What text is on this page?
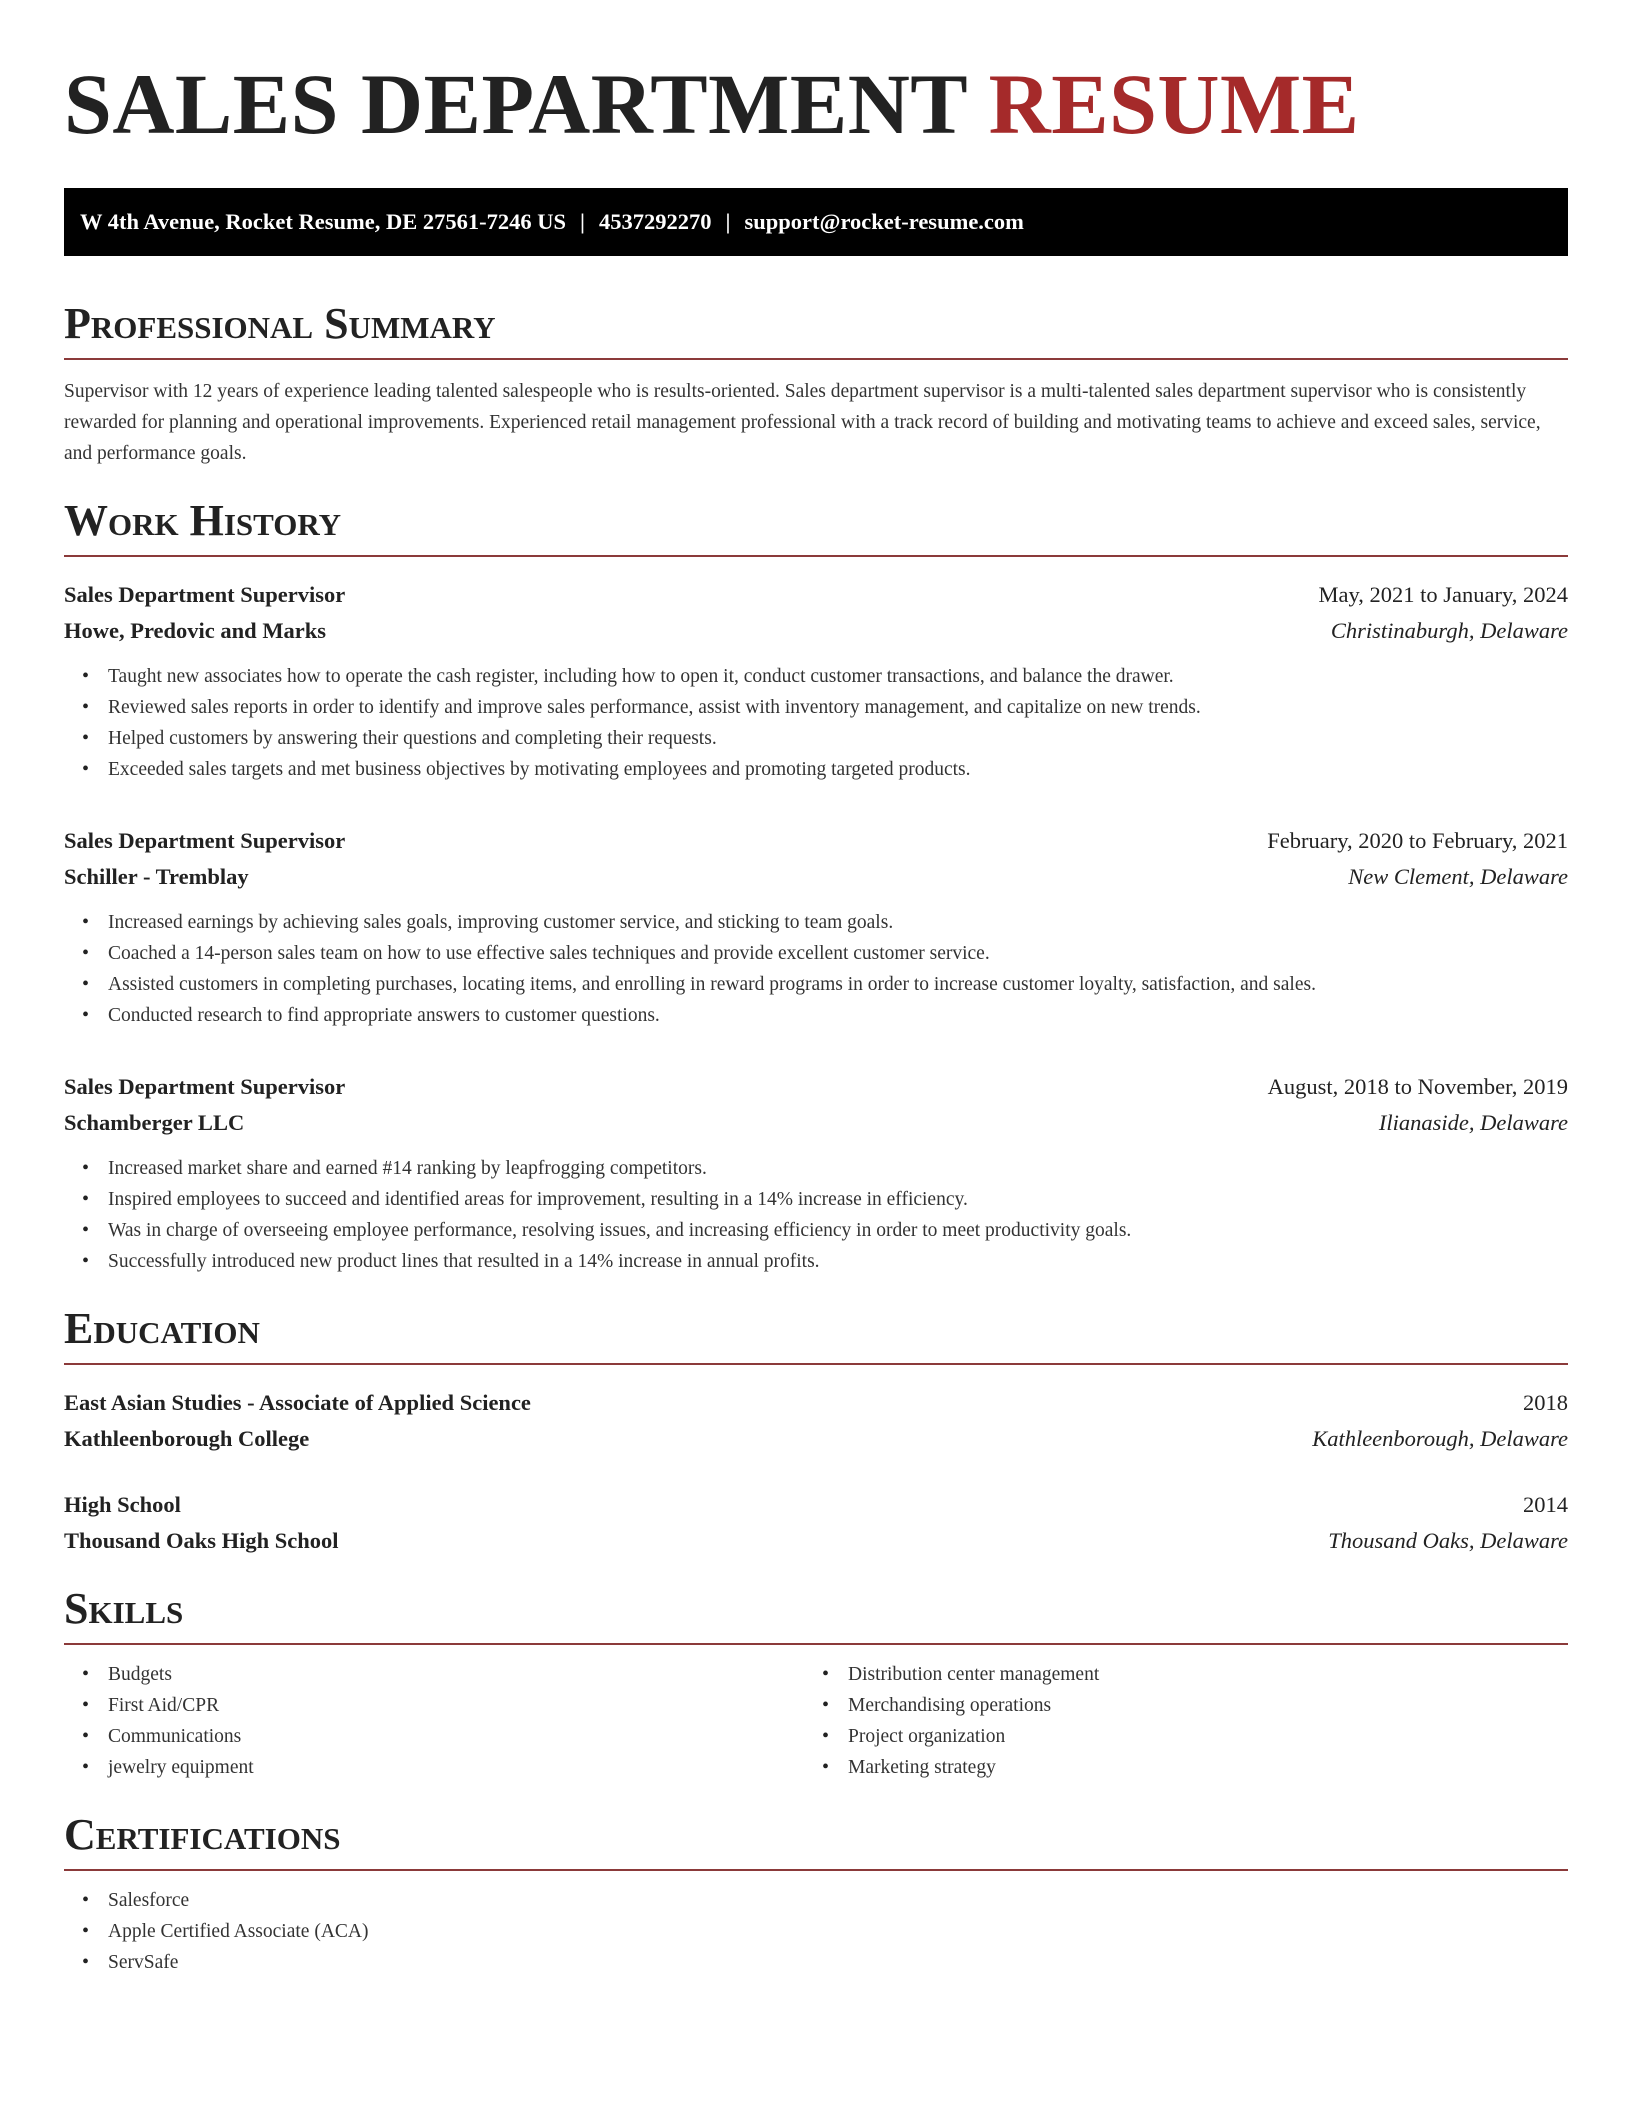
SALES DEPARTMENT RESUME
W 4th Avenue, Rocket Resume, DE 27561-7246 US | 4537292270 | support@rocket-resume.com
Professional Summary

Supervisor with 12 years of experience leading talented salespeople who is results-oriented. Sales department supervisor is a multi-talented sales department supervisor who is consistently rewarded for planning and operational improvements. Experienced retail management professional with a track record of building and motivating teams to achieve and exceed sales, service, and performance goals.

Work History
Sales Department Supervisor	May, 2021 to January, 2024
Howe, Predovic and Marks	Christinaburgh, Delaware
• Taught new associates how to operate the cash register, including how to open it, conduct customer transactions, and balance the drawer.
• Reviewed sales reports in order to identify and improve sales performance, assist with inventory management, and capitalize on new trends.
• Helped customers by answering their questions and completing their requests.
• Exceeded sales targets and met business objectives by motivating employees and promoting targeted products.
Sales Department Supervisor	February, 2020 to February, 2021
Schiller - Tremblay	New Clement, Delaware
• Increased earnings by achieving sales goals, improving customer service, and sticking to team goals.
• Coached a 14-person sales team on how to use effective sales techniques and provide excellent customer service.
• Assisted customers in completing purchases, locating items, and enrolling in reward programs in order to increase customer loyalty, satisfaction, and sales.
• Conducted research to find appropriate answers to customer questions.
Sales Department Supervisor	August, 2018 to November, 2019
Schamberger LLC	Ilianaside, Delaware
• Increased market share and earned #14 ranking by leapfrogging competitors.
• Inspired employees to succeed and identified areas for improvement, resulting in a 14% increase in efficiency.
• Was in charge of overseeing employee performance, resolving issues, and increasing efficiency in order to meet productivity goals.
• Successfully introduced new product lines that resulted in a 14% increase in annual profits.
Education
East Asian Studies - Associate of Applied Science	2018
Kathleenborough College	Kathleenborough, Delaware
High School	2014
Thousand Oaks High School	Thousand Oaks, Delaware
Skills
• Budgets
• First Aid/CPR
• Communications
• jewelry equipment
• Distribution center management
• Merchandising operations
• Project organization
• Marketing strategy
Certifications
• Salesforce
• Apple Certified Associate (ACA)
• ServSafe
